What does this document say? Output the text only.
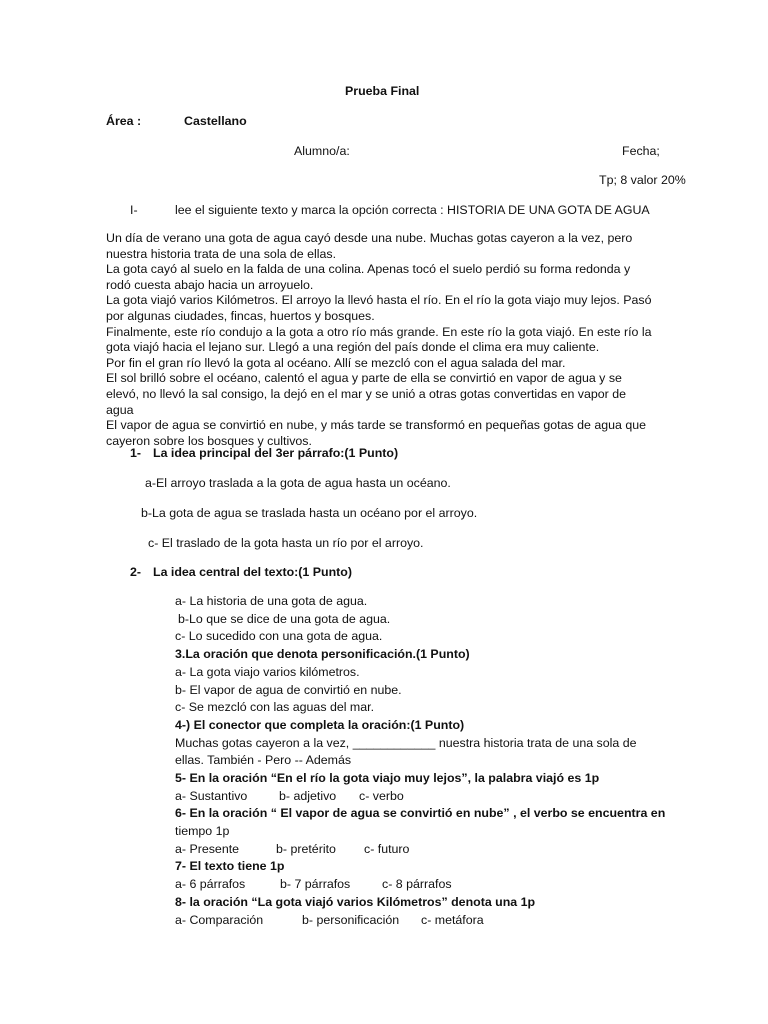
Prueba Final
Área :	Castellano
Alumno/a:	Fecha;
Tp; 8 valor 20%
I-	lee el siguiente texto y marca la opción correcta : HISTORIA DE UNA GOTA DE AGUA
Un día de verano una gota de agua cayó desde una nube. Muchas gotas cayeron a la vez, pero
nuestra historia trata de una sola de ellas.
La gota cayó al suelo en la falda de una colina. Apenas tocó el suelo perdió su forma redonda y
rodó cuesta abajo hacia un arroyuelo.
La gota viajó varios Kilómetros. El arroyo la llevó hasta el río. En el río la gota viajo muy lejos. Pasó
por algunas ciudades, fincas, huertos y bosques.
Finalmente, este río condujo a la gota a otro río más grande. En este río la gota viajó. En este río la
gota viajó hacia el lejano sur. Llegó a una región del país donde el clima era muy caliente.
Por fin el gran río llevó la gota al océano. Allí se mezcló con el agua salada del mar.
El sol brilló sobre el océano, calentó el agua y parte de ella se convirtió en vapor de agua y se
elevó, no llevó la sal consigo, la dejó en el mar y se unió a otras gotas convertidas en vapor de
agua
El vapor de agua se convirtió en nube, y más tarde se transformó en pequeñas gotas de agua que
cayeron sobre los bosques y cultivos.
1- La idea principal del 3er párrafo:(1 Punto)
a-El arroyo traslada a la gota de agua hasta un océano.
b-La gota de agua se traslada hasta un océano por el arroyo.
c- El traslado de la gota hasta un río por el arroyo.
2- La idea central del texto:(1 Punto)
a- La historia de una gota de agua.
b-Lo que se dice de una gota de agua.
c- Lo sucedido con una gota de agua.
3.La oración que denota personificación.(1 Punto)
a- La gota viajo varios kilómetros.
b- El vapor de agua de convirtió en nube.
c- Se mezcló con las aguas del mar.
4-) El conector que completa la oración:(1 Punto)
Muchas gotas cayeron a la vez, ____________ nuestra historia trata de una sola de
ellas. También - Pero -- Además
5- En la oración “En el río la gota viajo muy lejos”, la palabra viajó es 1p
a- Sustantivo	b- adjetivo c- verbo
6- En la oración “ El vapor de agua se convirtió en nube” , el verbo se encuentra en
tiempo 1p
a- Presente	b- pretérito c- futuro
7- El texto tiene 1p
a- 6 párrafos	b- 7 párrafos	c- 8 párrafos
8- la oración “La gota viajó varios Kilómetros” denota una 1p
a- Comparación	b- personificación c- metáfora
